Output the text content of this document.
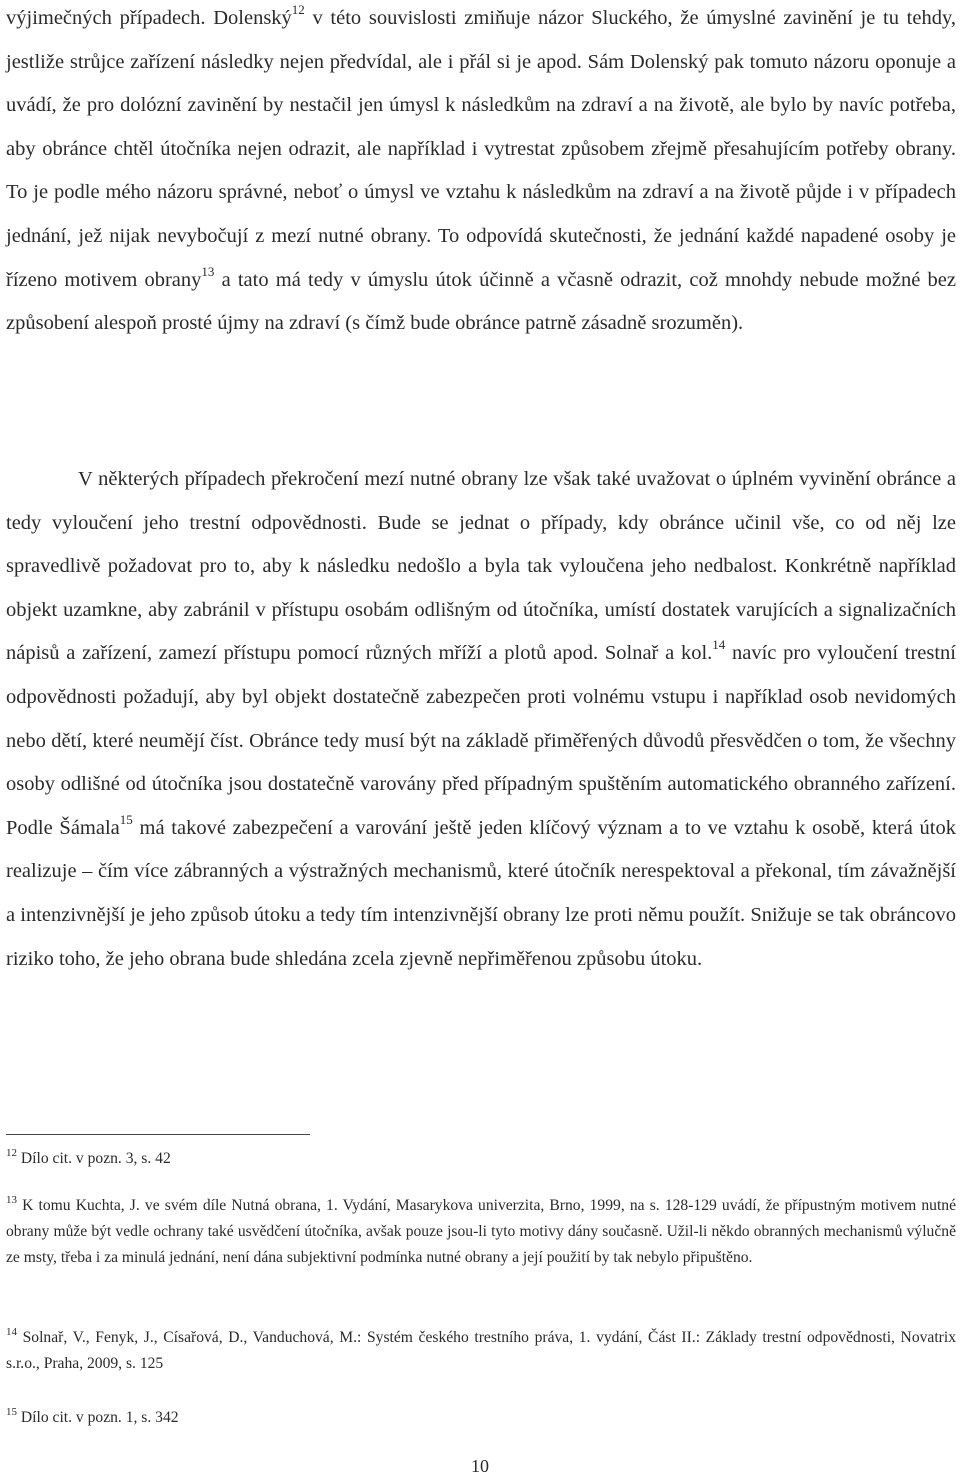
výjimečných případech. Dolenský$^{12}$ v této souvislosti zmiňuje názor Sluckého, že úmyslné zavinění je tu tehdy, jestliže strůjce zařízení následky nejen předvídal, ale i přál si je apod. Sám Dolenský pak tomuto názoru oponuje a uvádí, že pro dolózní zavinění by nestačil jen úmysl k následkům na zdraví a na životě, ale bylo by navíc potřeba, aby obránce chtěl útočníka nejen odrazit, ale například i vytrestat způsobem zřejmě přesahujícím potřeby obrany. To je podle mého názoru správné, neboť o úmysl ve vztahu k následkům na zdraví a na životě půjde i v případech jednání, jež nijak nevybočují z mezí nutné obrany. To odpovídá skutečnosti, že jednání každé napadené osoby je řízeno motivem obrany$^{13}$ a tato má tedy v úmyslu útok účinně a včasně odrazit, což mnohdy nebude možné bez způsobení alespoň prosté újmy na zdraví (s čímž bude obránce patrně zásadně srozuměn).

V některých případech překročení mezí nutné obrany lze však také uvažovat o úplném vyvinění obránce a tedy vyloučení jeho trestní odpovědnosti. Bude se jednat o případy, kdy obránce učinil vše, co od něj lze spravedlivě požadovat pro to, aby k následku nedošlo a byla tak vyloučena jeho nedbalost. Konkrétně například objekt uzamkne, aby zabránil v přístupu osobám odlišným od útočníka, umístí dostatek varujících a signalizačních nápisů a zařízení, zamezí přístupu pomocí různých mříží a plotů apod. Solnař a kol.$^{14}$ navíc pro vyloučení trestní odpovědnosti požadují, aby byl objekt dostatečně zabezpečen proti volnému vstupu i například osob nevidomých nebo dětí, které neumějí číst. Obránce tedy musí být na základě přiměřených důvodů přesvědčen o tom, že všechny osoby odlišné od útočníka jsou dostatečně varovány před případným spuštěním automatického obranného zařízení. Podle Šámala$^{15}$ má takové zabezpečení a varování ještě jeden klíčový význam a to ve vztahu k osobě, která útok realizuje – čím více zábranných a výstražných mechanismů, které útočník nerespektoval a překonal, tím závažnější a intenzivnější je jeho způsob útoku a tedy tím intenzivnější obrany lze proti němu použít. Snižuje se tak obráncovo riziko toho, že jeho obrana bude shledána zcela zjevně nepřiměřenou způsobu útoku.

$^{12}$ Dílo cit. v pozn. 3, s. 42

$^{13}$ K tomu Kuchta, J. ve svém díle Nutná obrana, 1. Vydání, Masarykova univerzita, Brno, 1999, na s. 128-129 uvádí, že přípustným motivem nutné obrany může být vedle ochrany také usvědčení útočníka, avšak pouze jsou-li tyto motivy dány současně. Užil-li někdo obranných mechanismů výlučně ze msty, třeba i za minulá jednání, není dána subjektivní podmínka nutné obrany a její použití by tak nebylo připuštěno.

$^{14}$ Solnař, V., Fenyk, J., Císařová, D., Vanduchová, M.: Systém českého trestního práva, 1. vydání, Část II.: Základy trestní odpovědnosti, Novatrix s.r.o., Praha, 2009, s. 125

$^{15}$ Dílo cit. v pozn. 1, s. 342

10
